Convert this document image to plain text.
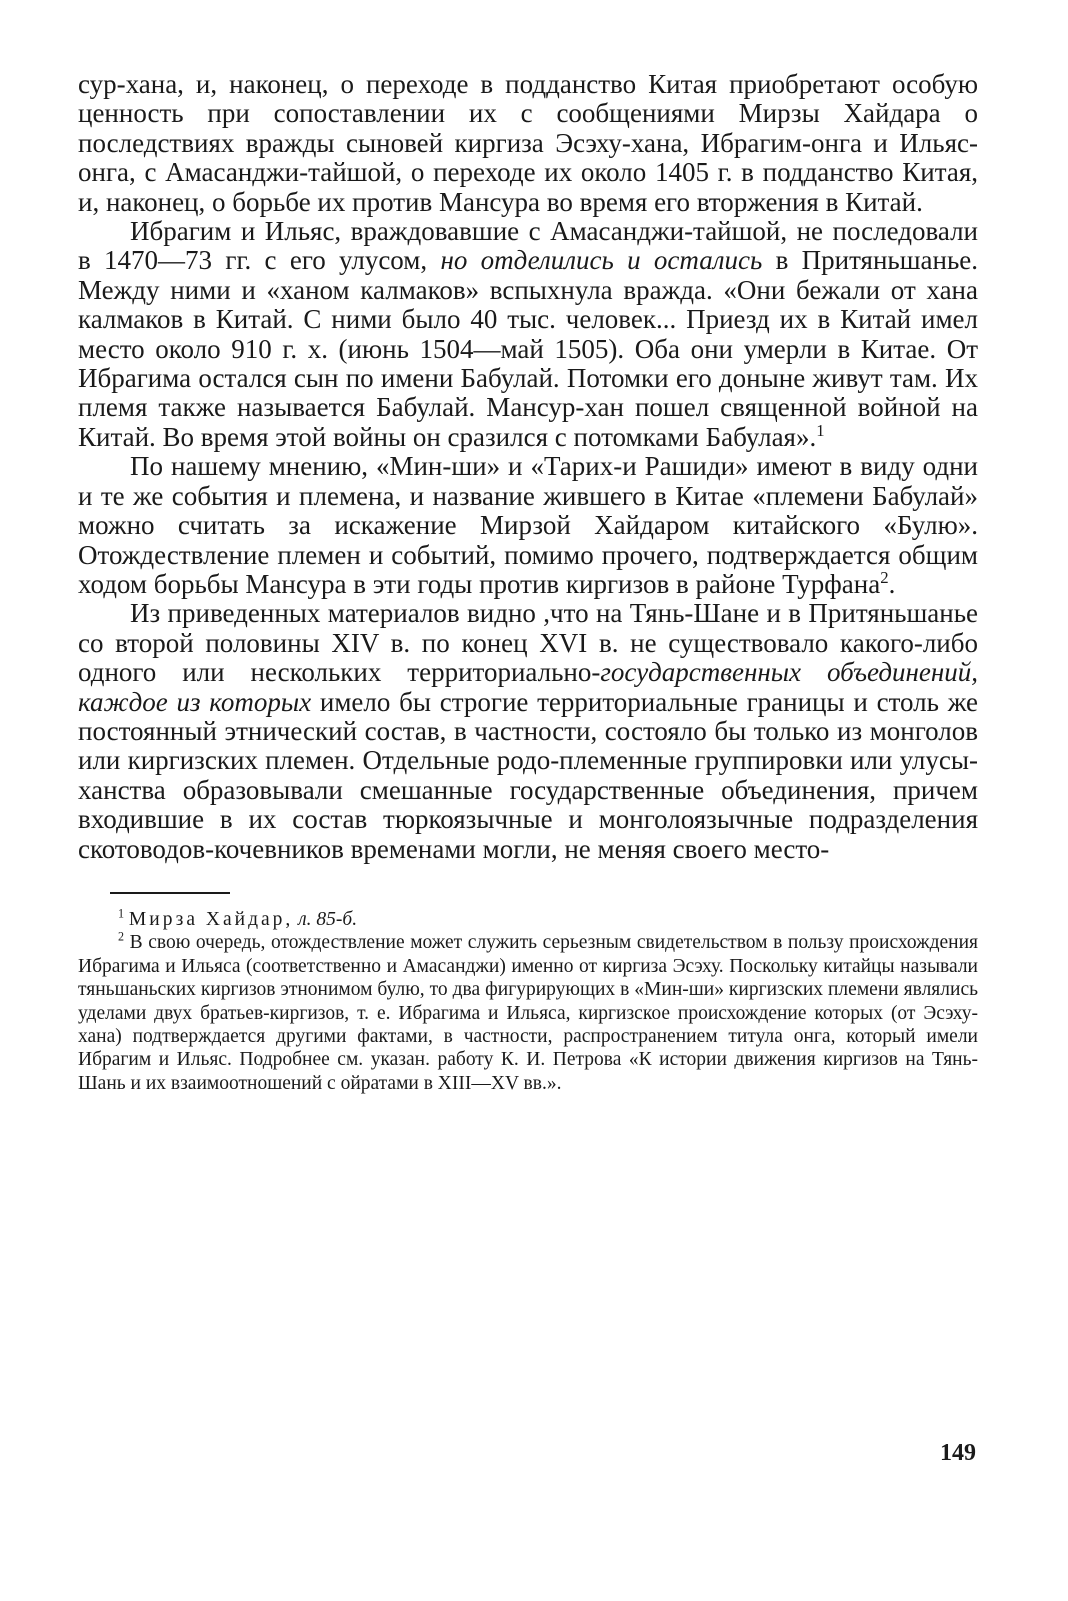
сур-хана, и, наконец, о переходе в подданство Китая приобретают особую ценность при сопоставлении их с сообщениями Мирзы Хайдара о последствиях вражды сыновей киргиза Эсэху-хана, Ибрагим-онга и Ильяс-онга, с Амасанджи-тайшой, о переходе их около 1405 г. в подданство Китая, и, наконец, о борьбе их против Мансура во время его вторжения в Китай.

Ибрагим и Ильяс, враждовавшие с Амасанджи-тайшой, не последовали в 1470—73 гг. с его улусом, но отделились и остались в Притяньшанье. Между ними и «ханом калмаков» вспыхнула вражда. «Они бежали от хана калмаков в Китай. С ними было 40 тыс. человек... Приезд их в Китай имел место около 910 г. х. (июнь 1504—май 1505). Оба они умерли в Китае. От Ибрагима остался сын по имени Бабулай. Потомки его доныне живут там. Их племя также называется Бабулай. Мансур-хан пошел священной войной на Китай. Во время этой войны он сразился с потомками Бабулая».$^1$

По нашему мнению, «Мин-ши» и «Тарих-и Рашиди» имеют в виду одни и те же события и племена, и название жившего в Китае «племени Бабулай» можно считать за искажение Мирзой Хайдаром китайского «Булю». Отождествление племен и событий, помимо прочего, подтверждается общим ходом борьбы Мансура в эти годы против киргизов в районе Турфана$^2$.

Из приведенных материалов видно ,что на Тянь-Шане и в Притяньшанье со второй половины XIV в. по конец XVI в. не существовало какого-либо одного или нескольких территориально-государственных объединений, каждое из которых имело бы строгие территориальные границы и столь же постоянный этнический состав, в частности, состояло бы только из монголов или киргизских племен. Отдельные родо-племенные группировки или улусы-ханства образовывали смешанные государственные объединения, причем входившие в их состав тюркоязычные и монголоязычные подразделения скотоводов-кочевников временами могли, не меняя своего место-

$^1$ Мирза Хайдар, л. 85-б.

$^2$ В свою очередь, отождествление может служить серьезным свидетельством в пользу происхождения Ибрагима и Ильяса (соответственно и Амасанджи) именно от киргиза Эсэху. Поскольку китайцы называли тяньшаньских киргизов этнонимом булю, то два фигурирующих в «Мин-ши» киргизских племени являлись уделами двух братьев-киргизов, т. е. Ибрагима и Ильяса, киргизское происхождение которых (от Эсэху-хана) подтверждается другими фактами, в частности, распространением титула онга, который имели Ибрагим и Ильяс. Подробнее см. указан. работу К. И. Петрова «К истории движения киргизов на Тянь-Шань и их взаимоотношений с ойратами в XIII—XV вв.».

149
